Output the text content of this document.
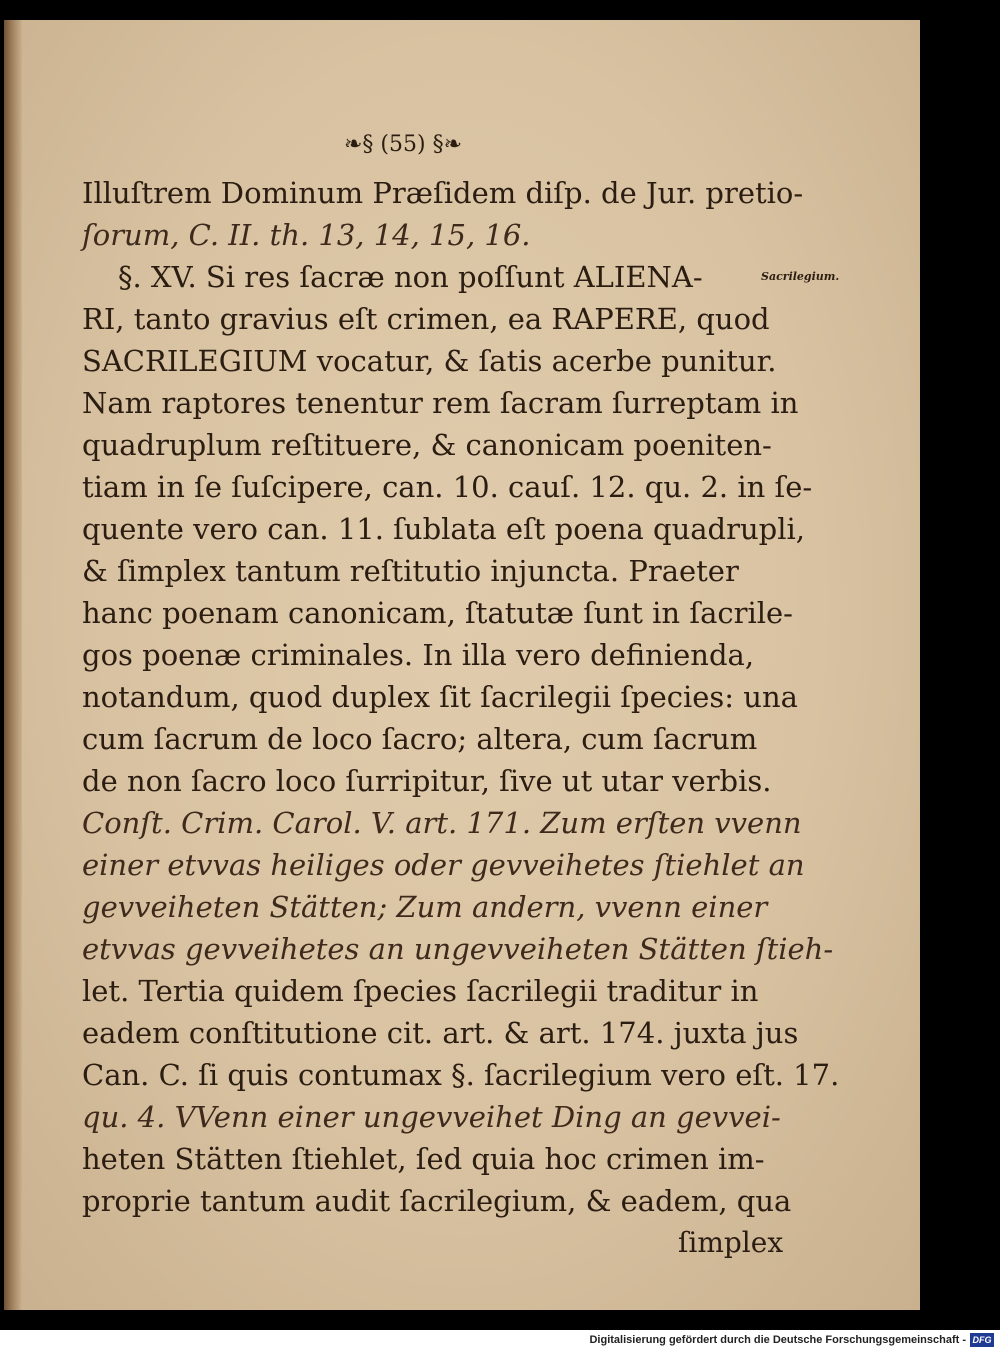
❧§ (55) §❧
Illuſtrem Dominum Præſidem diſp. de Jur. pretio-
ſorum, C. II. th. 13, 14, 15, 16.
§. XV. Si res ſacræ non poſſunt ALIENA-
RI, tanto gravius eſt crimen, ea RAPERE, quod
SACRILEGIUM vocatur, & ſatis acerbe punitur.
Nam raptores tenentur rem ſacram ſurreptam in
quadruplum reſtituere, & canonicam poeniten-
tiam in ſe ſuſcipere, can. 10. cauſ. 12. qu. 2. in ſe-
quente vero can. 11. ſublata eſt poena quadrupli,
& ſimplex tantum reſtitutio injuncta. Praeter
hanc poenam canonicam, ſtatutæ ſunt in ſacrile-
gos poenæ criminales. In illa vero definienda,
notandum, quod duplex ſit ſacrilegii ſpecies: una
cum ſacrum de loco ſacro; altera, cum ſacrum
de non ſacro loco ſurripitur, ſive ut utar verbis.
Conſt. Crim. Carol. V. art. 171. Zum erſten vvenn
einer etvvas heiliges oder gevveihetes ſtiehlet an
gevveiheten Stätten; Zum andern, vvenn einer
etvvas gevveihetes an ungevveiheten Stätten ſtieh-
let. Tertia quidem ſpecies ſacrilegii traditur in
eadem conſtitutione cit. art. & art. 174. juxta jus
Can. C. ſi quis contumax §. ſacrilegium vero eſt. 17.
qu. 4. VVenn einer ungevveihet Ding an gevvei-
heten Stätten ſtiehlet, ſed quia hoc crimen im-
proprie tantum audit ſacrilegium, & eadem, qua
ſimplex
Sacrilegium.
Digitalisierung gefördert durch die Deutsche Forschungsgemeinschaft - DFG
